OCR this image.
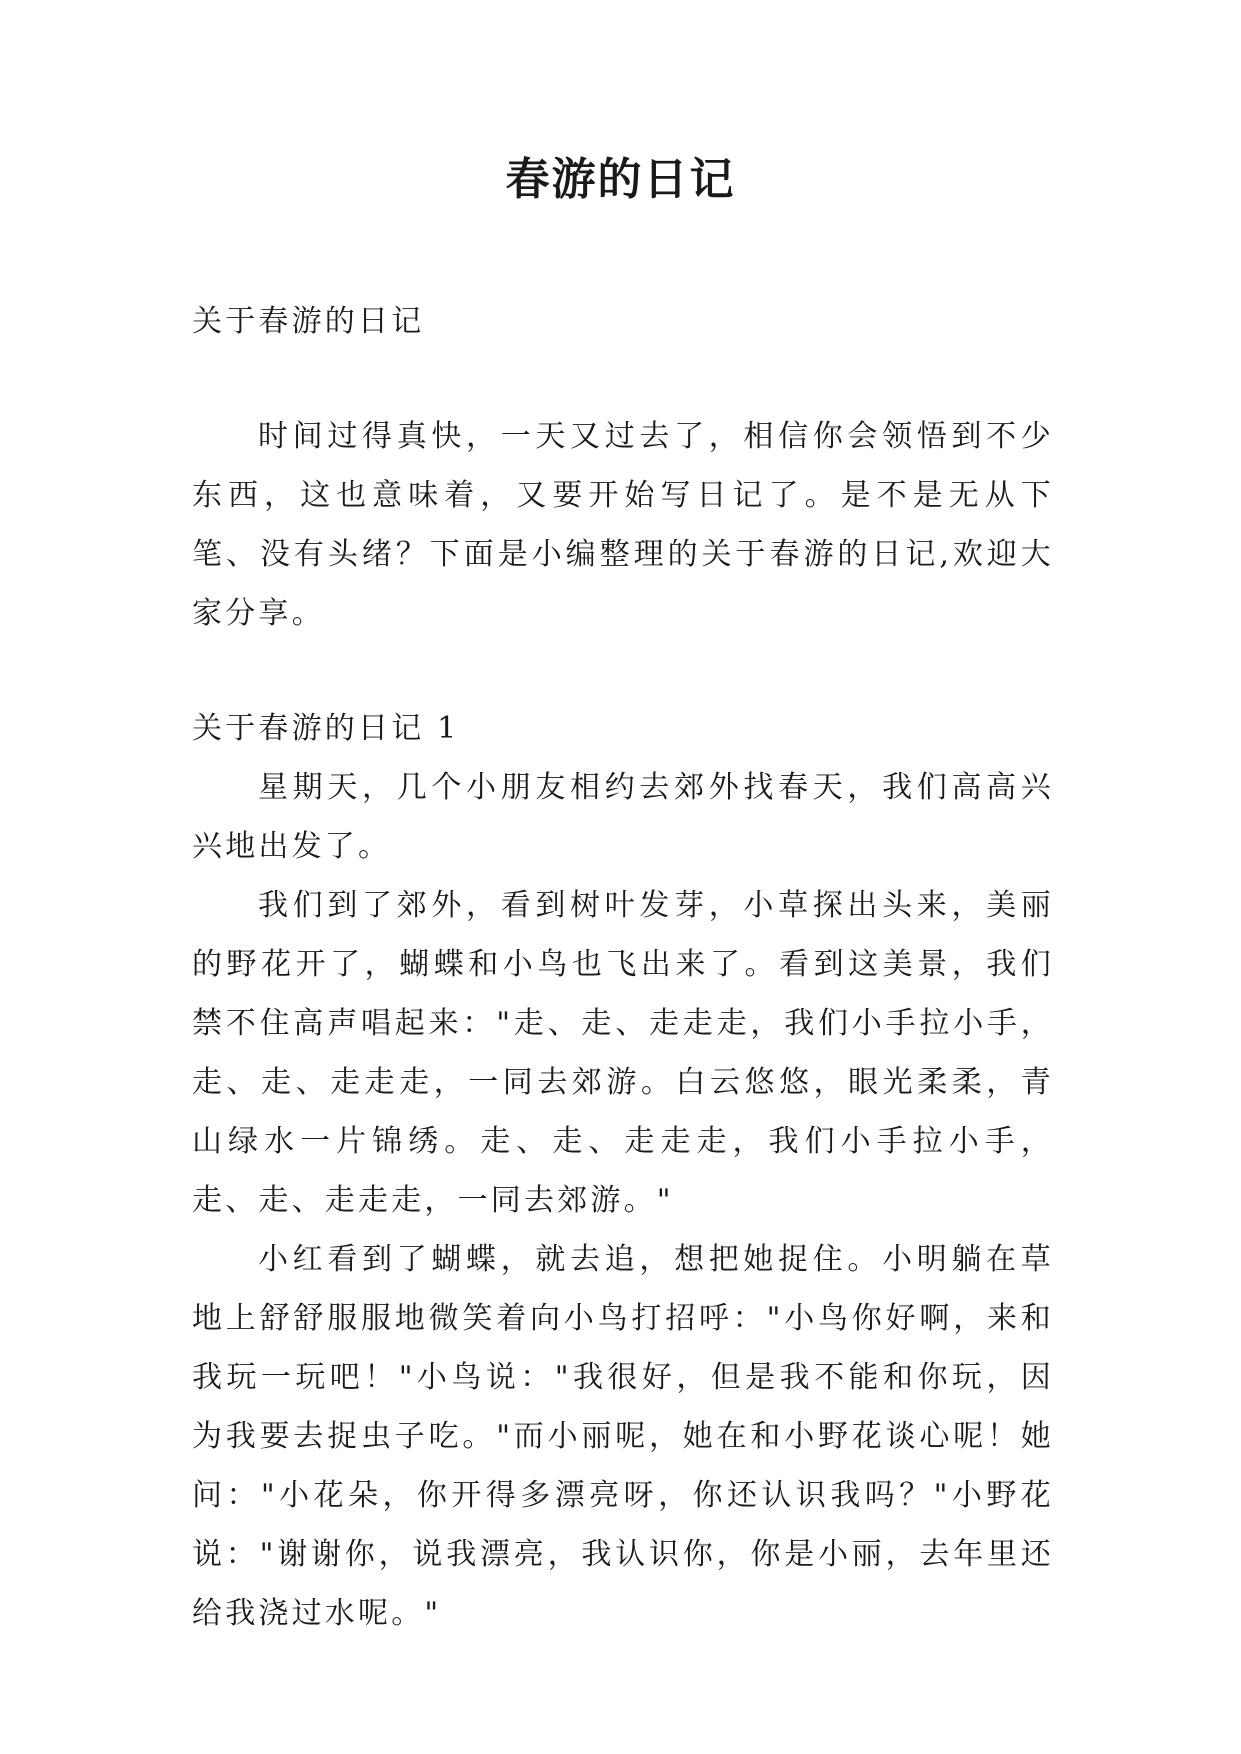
春游的日记

关于春游的日记

时间过得真快，一天又过去了，相信你会领悟到不少东西，这也意味着，又要开始写日记了。是不是无从下笔、没有头绪？下面是小编整理的关于春游的日记,欢迎大家分享。

关于春游的日记 1

星期天，几个小朋友相约去郊外找春天，我们高高兴兴地出发了。

我们到了郊外，看到树叶发芽，小草探出头来，美丽的野花开了，蝴蝶和小鸟也飞出来了。看到这美景，我们禁不住高声唱起来："走、走、走走走，我们小手拉小手，走、走、走走走，一同去郊游。白云悠悠，眼光柔柔，青山绿水一片锦绣。走、走、走走走，我们小手拉小手，走、走、走走走，一同去郊游。"

小红看到了蝴蝶，就去追，想把她捉住。小明躺在草地上舒舒服服地微笑着向小鸟打招呼："小鸟你好啊，来和我玩一玩吧！"小鸟说："我很好，但是我不能和你玩，因为我要去捉虫子吃。"而小丽呢，她在和小野花谈心呢！她问："小花朵，你开得多漂亮呀，你还认识我吗？"小野花说："谢谢你，说我漂亮，我认识你，你是小丽，去年里还给我浇过水呢。"
